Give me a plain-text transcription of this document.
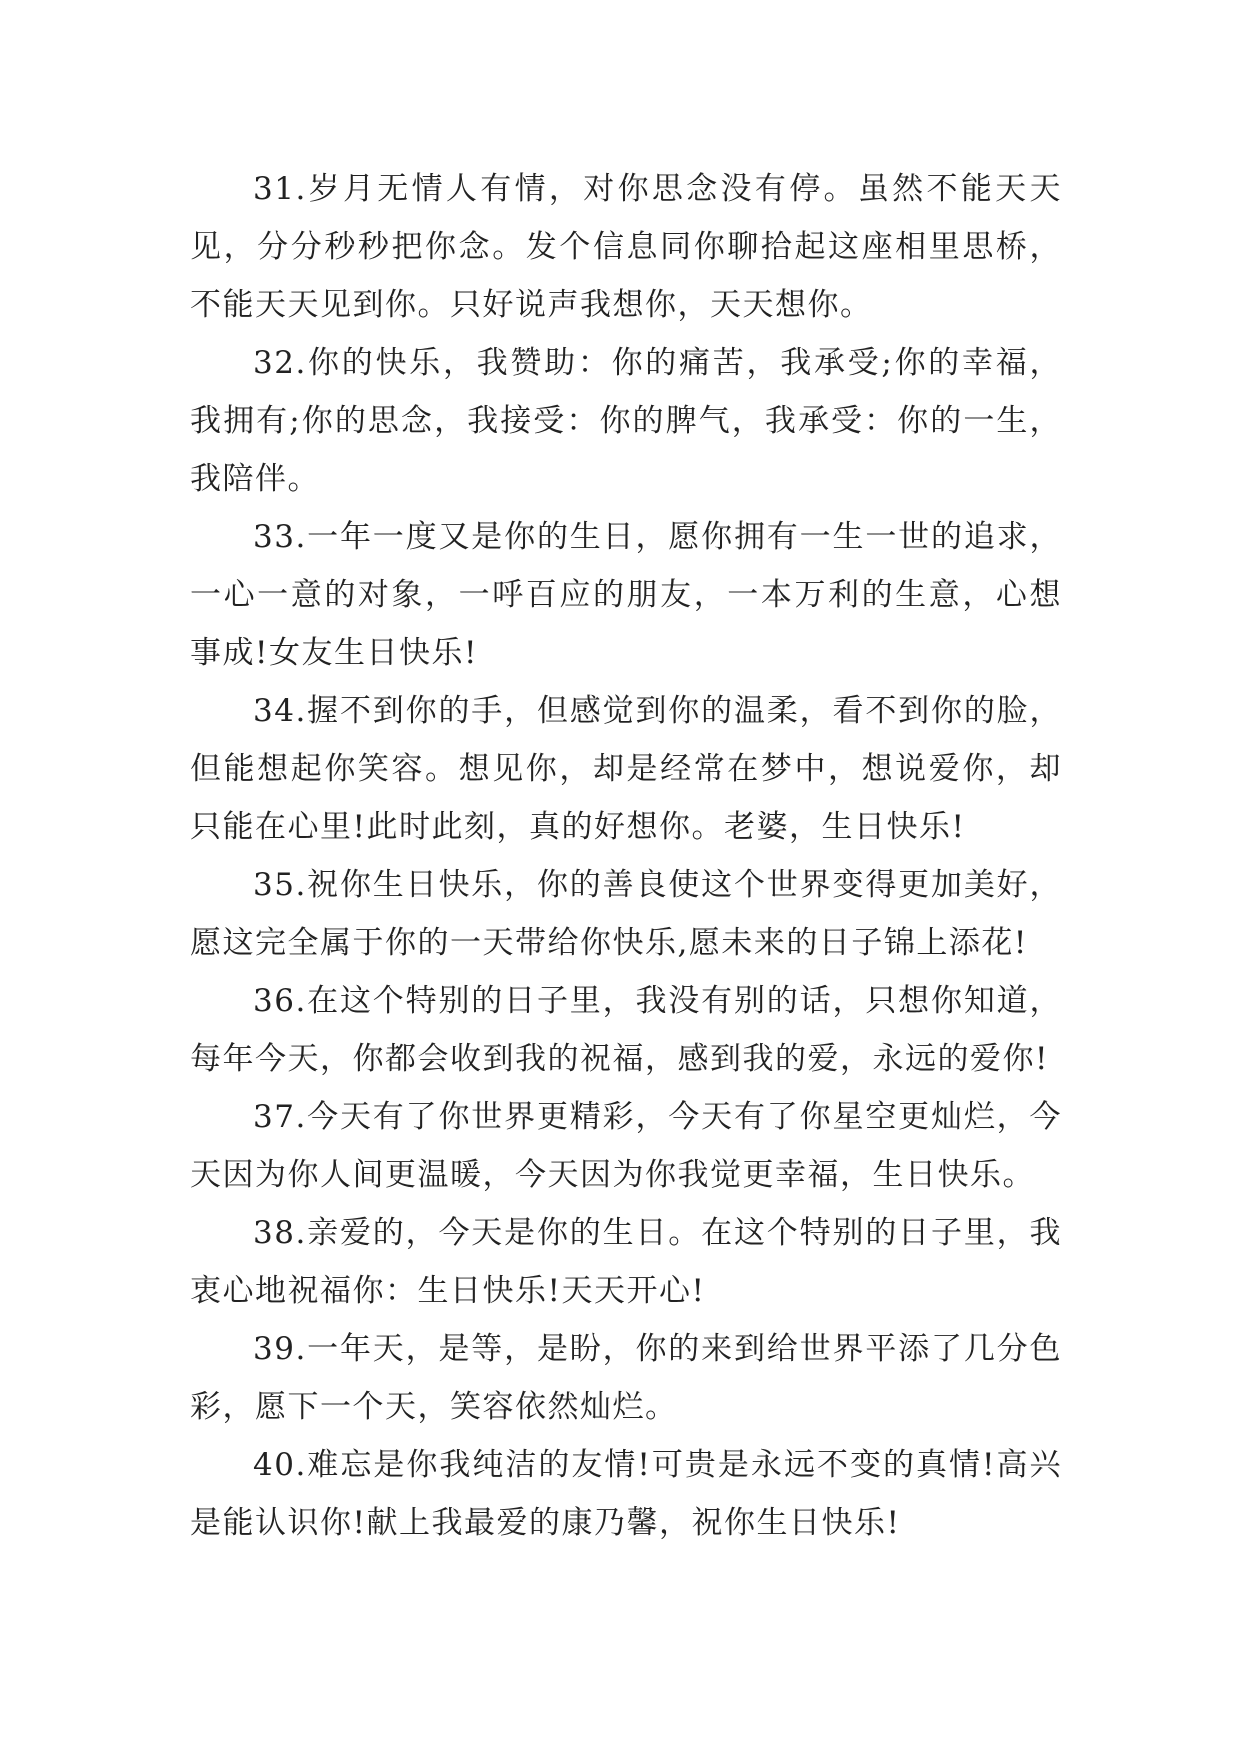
31.岁月无情人有情，对你思念没有停。虽然不能天天见，分分秒秒把你念。发个信息同你聊拾起这座相里思桥，不能天天见到你。只好说声我想你，天天想你。

32.你的快乐，我赞助：你的痛苦，我承受;你的幸福，我拥有;你的思念，我接受：你的脾气，我承受：你的一生，我陪伴。

33.一年一度又是你的生日，愿你拥有一生一世的追求，一心一意的对象，一呼百应的朋友，一本万利的生意，心想事成!女友生日快乐!

34.握不到你的手，但感觉到你的温柔，看不到你的脸，但能想起你笑容。想见你，却是经常在梦中，想说爱你，却只能在心里!此时此刻，真的好想你。老婆，生日快乐!

35.祝你生日快乐，你的善良使这个世界变得更加美好，愿这完全属于你的一天带给你快乐,愿未来的日子锦上添花!

36.在这个特别的日子里，我没有别的话，只想你知道，每年今天，你都会收到我的祝福，感到我的爱，永远的爱你!

37.今天有了你世界更精彩，今天有了你星空更灿烂，今天因为你人间更温暖，今天因为你我觉更幸福，生日快乐。

38.亲爱的，今天是你的生日。在这个特别的日子里，我衷心地祝福你：生日快乐!天天开心!

39.一年天，是等，是盼，你的来到给世界平添了几分色彩，愿下一个天，笑容依然灿烂。

40.难忘是你我纯洁的友情!可贵是永远不变的真情!高兴是能认识你!献上我最爱的康乃馨，祝你生日快乐!
